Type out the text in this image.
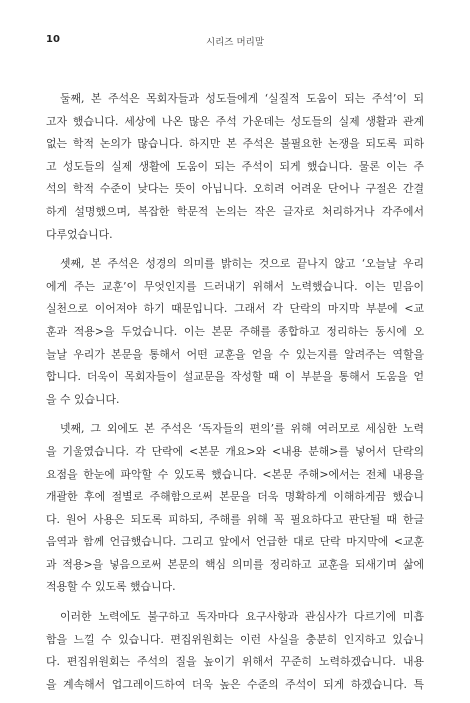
10	시리즈 머리말

둘째, 본 주석은 목회자들과 성도들에게 ‘실질적 도움이 되는 주석’이 되
고자 했습니다. 세상에 나온 많은 주석 가운데는 성도들의 실제 생활과 관계
없는 학적 논의가 많습니다. 하지만 본 주석은 불필요한 논쟁을 되도록 피하
고 성도들의 실제 생활에 도움이 되는 주석이 되게 했습니다. 물론 이는 주
석의 학적 수준이 낮다는 뜻이 아닙니다. 오히려 어려운 단어나 구절은 간결
하게 설명했으며, 복잡한 학문적 논의는 작은 글자로 처리하거나 각주에서
다루었습니다.

셋째, 본 주석은 성경의 의미를 밝히는 것으로 끝나지 않고 ‘오늘날 우리
에게 주는 교훈’이 무엇인지를 드러내기 위해서 노력했습니다. 이는 믿음이
실천으로 이어져야 하기 때문입니다. 그래서 각 단락의 마지막 부분에 <교
훈과 적용>을 두었습니다. 이는 본문 주해를 종합하고 정리하는 동시에 오
늘날 우리가 본문을 통해서 어떤 교훈을 얻을 수 있는지를 알려주는 역할을
합니다. 더욱이 목회자들이 설교문을 작성할 때 이 부분을 통해서 도움을 얻
을 수 있습니다.

넷째, 그 외에도 본 주석은 ‘독자들의 편의’를 위해 여러모로 세심한 노력
을 기울였습니다. 각 단락에 <본문 개요>와 <내용 분해>를 넣어서 단락의
요점을 한눈에 파악할 수 있도록 했습니다. <본문 주해>에서는 전체 내용을
개괄한 후에 절별로 주해함으로써 본문을 더욱 명확하게 이해하게끔 했습니
다. 원어 사용은 되도록 피하되, 주해를 위해 꼭 필요하다고 판단될 때 한글
음역과 함께 언급했습니다. 그리고 앞에서 언급한 대로 단락 마지막에 <교훈
과 적용>을 넣음으로써 본문의 핵심 의미를 정리하고 교훈을 되새기며 삶에
적용할 수 있도록 했습니다.

이러한 노력에도 불구하고 독자마다 요구사항과 관심사가 다르기에 미흡
함을 느낄 수 있습니다. 편집위원회는 이런 사실을 충분히 인지하고 있습니
다. 편집위원회는 주석의 질을 높이기 위해서 꾸준히 노력하겠습니다. 내용
을 계속해서 업그레이드하여 더욱 높은 수준의 주석이 되게 하겠습니다. 특
